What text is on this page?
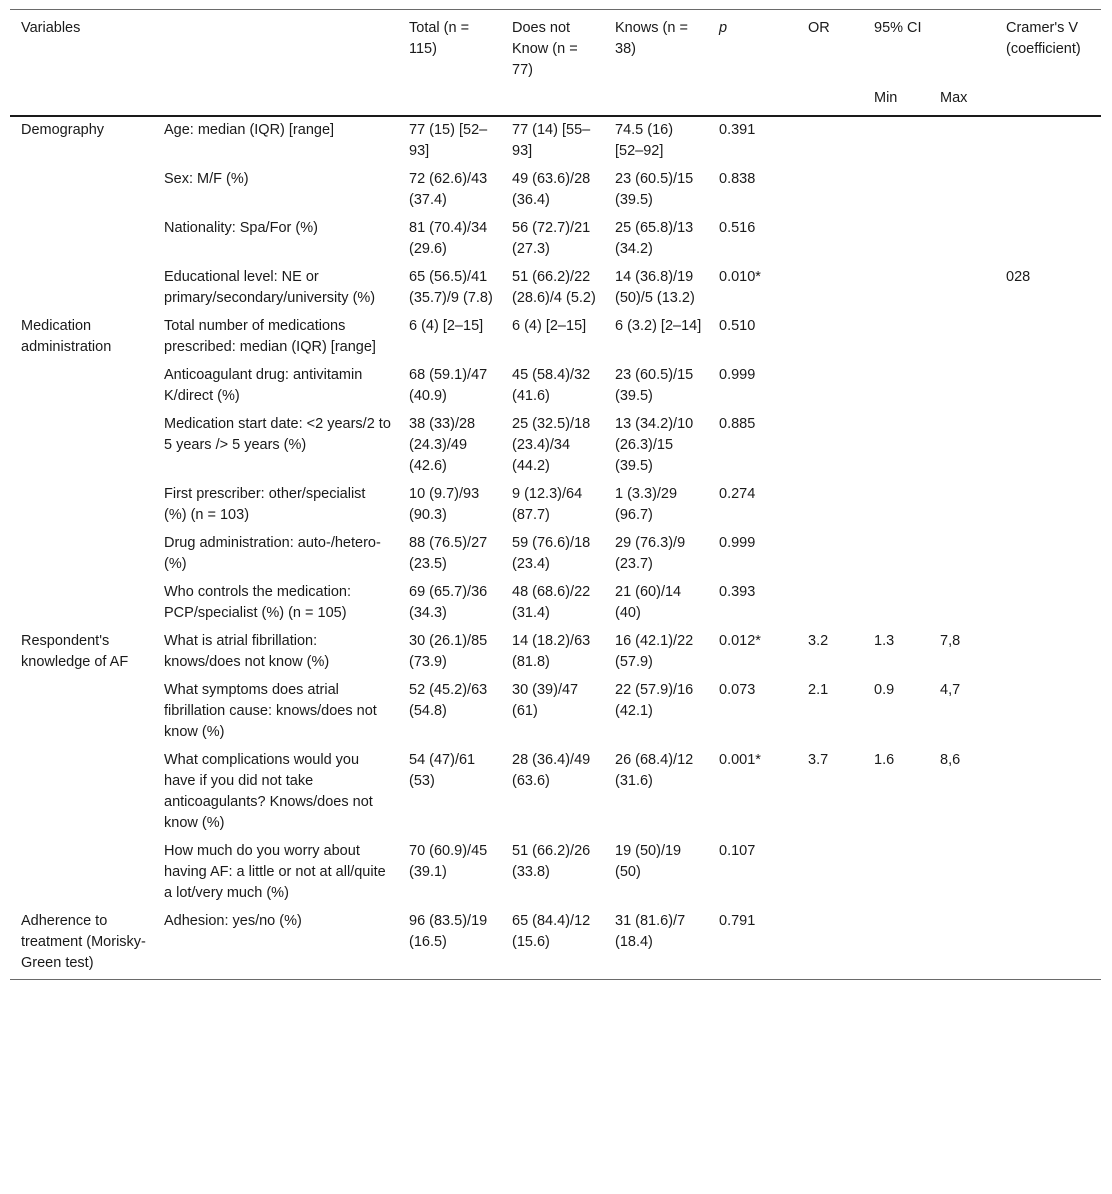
Variables		Total (n = 115)	Does not Know (n = 77)	Knows (n = 38)	p	OR	95% CI		Cramer's V (coefficient)
							Min	Max	
Demography	Age: median (IQR) [range]	77 (15) [52–93]	77 (14) [55–93]	74.5 (16) [52–92]	0.391				
	Sex: M/F (%)	72 (62.6)/43 (37.4)	49 (63.6)/28 (36.4)	23 (60.5)/15 (39.5)	0.838				
	Nationality: Spa/For (%)	81 (70.4)/34 (29.6)	56 (72.7)/21 (27.3)	25 (65.8)/13 (34.2)	0.516				
	Educational level: NE or primary/secondary/university (%)	65 (56.5)/41 (35.7)/9 (7.8)	51 (66.2)/22 (28.6)/4 (5.2)	14 (36.8)/19 (50)/5 (13.2)	0.010*				028
Medication administration	Total number of medications prescribed: median (IQR) [range]	6 (4) [2–15]	6 (4) [2–15]	6 (3.2) [2–14]	0.510				
	Anticoagulant drug: antivitamin K/direct (%)	68 (59.1)/47 (40.9)	45 (58.4)/32 (41.6)	23 (60.5)/15 (39.5)	0.999				
	Medication start date: <2 years/2 to 5 years /> 5 years (%)	38 (33)/28 (24.3)/49 (42.6)	25 (32.5)/18 (23.4)/34 (44.2)	13 (34.2)/10 (26.3)/15 (39.5)	0.885				
	First prescriber: other/specialist (%) (n = 103)	10 (9.7)/93 (90.3)	9 (12.3)/64 (87.7)	1 (3.3)/29 (96.7)	0.274				
	Drug administration: auto-/hetero- (%)	88 (76.5)/27 (23.5)	59 (76.6)/18 (23.4)	29 (76.3)/9 (23.7)	0.999				
	Who controls the medication: PCP/specialist (%) (n = 105)	69 (65.7)/36 (34.3)	48 (68.6)/22 (31.4)	21 (60)/14 (40)	0.393				
Respondent's knowledge of AF	What is atrial fibrillation: knows/does not know (%)	30 (26.1)/85 (73.9)	14 (18.2)/63 (81.8)	16 (42.1)/22 (57.9)	0.012*	3.2	1.3	7,8	
	What symptoms does atrial fibrillation cause: knows/does not know (%)	52 (45.2)/63 (54.8)	30 (39)/47 (61)	22 (57.9)/16 (42.1)	0.073	2.1	0.9	4,7	
	What complications would you have if you did not take anticoagulants? Knows/does not know (%)	54 (47)/61 (53)	28 (36.4)/49 (63.6)	26 (68.4)/12 (31.6)	0.001*	3.7	1.6	8,6	
	How much do you worry about having AF: a little or not at all/quite a lot/very much (%)	70 (60.9)/45 (39.1)	51 (66.2)/26 (33.8)	19 (50)/19 (50)	0.107				
Adherence to treatment (Morisky-Green test)	Adhesion: yes/no (%)	96 (83.5)/19 (16.5)	65 (84.4)/12 (15.6)	31 (81.6)/7 (18.4)	0.791				
